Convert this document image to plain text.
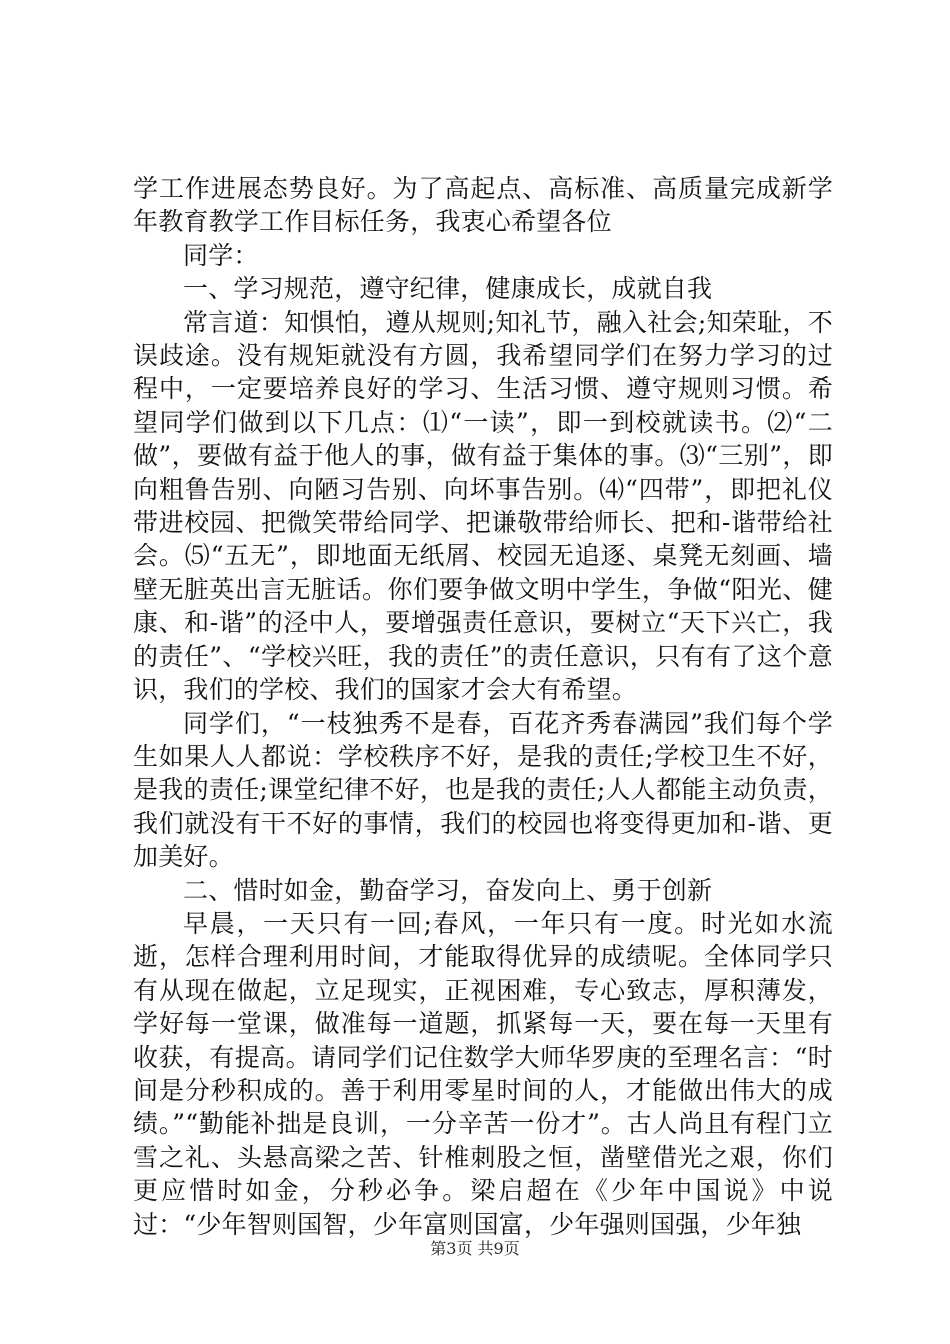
学工作进展态势良好。为了高起点、高标准、高质量完成新学年教育教学工作目标任务，我衷心希望各位

同学：

一、学习规范，遵守纪律，健康成长，成就自我

常言道：知惧怕，遵从规则;知礼节，融入社会;知荣耻，不误歧途。没有规矩就没有方圆，我希望同学们在努力学习的过程中，一定要培养良好的学习、生活习惯、遵守规则习惯。希望同学们做到以下几点：⑴“一读”，即一到校就读书。⑵“二做”，要做有益于他人的事，做有益于集体的事。⑶“三别”，即向粗鲁告别、向陋习告别、向坏事告别。⑷“四带”，即把礼仪带进校园、把微笑带给同学、把谦敬带给师长、把和-谐带给社会。⑸“五无”，即地面无纸屑、校园无追逐、桌凳无刻画、墙壁无脏英出言无脏话。你们要争做文明中学生，争做“阳光、健康、和-谐”的泾中人，要增强责任意识，要树立“天下兴亡，我的责任”、“学校兴旺，我的责任”的责任意识，只有有了这个意识，我们的学校、我们的国家才会大有希望。

同学们，“一枝独秀不是春，百花齐秀春满园”我们每个学生如果人人都说：学校秩序不好，是我的责任;学校卫生不好，是我的责任;课堂纪律不好，也是我的责任;人人都能主动负责，我们就没有干不好的事情，我们的校园也将变得更加和-谐、更加美好。

二、惜时如金，勤奋学习，奋发向上、勇于创新

早晨，一天只有一回;春风，一年只有一度。时光如水流逝，怎样合理利用时间，才能取得优异的成绩呢。全体同学只有从现在做起，立足现实，正视困难，专心致志，厚积薄发，学好每一堂课，做准每一道题，抓紧每一天，要在每一天里有收获，有提高。请同学们记住数学大师华罗庚的至理名言：“时间是分秒积成的。善于利用零星时间的人，才能做出伟大的成绩。”“勤能补拙是良训，一分辛苦一份才”。古人尚且有程门立雪之礼、头悬高梁之苦、针椎刺股之恒，凿壁借光之艰，你们更应惜时如金，分秒必争。梁启超在《少年中国说》中说过：“少年智则国智，少年富则国富，少年强则国强，少年独

第3页 共9页
